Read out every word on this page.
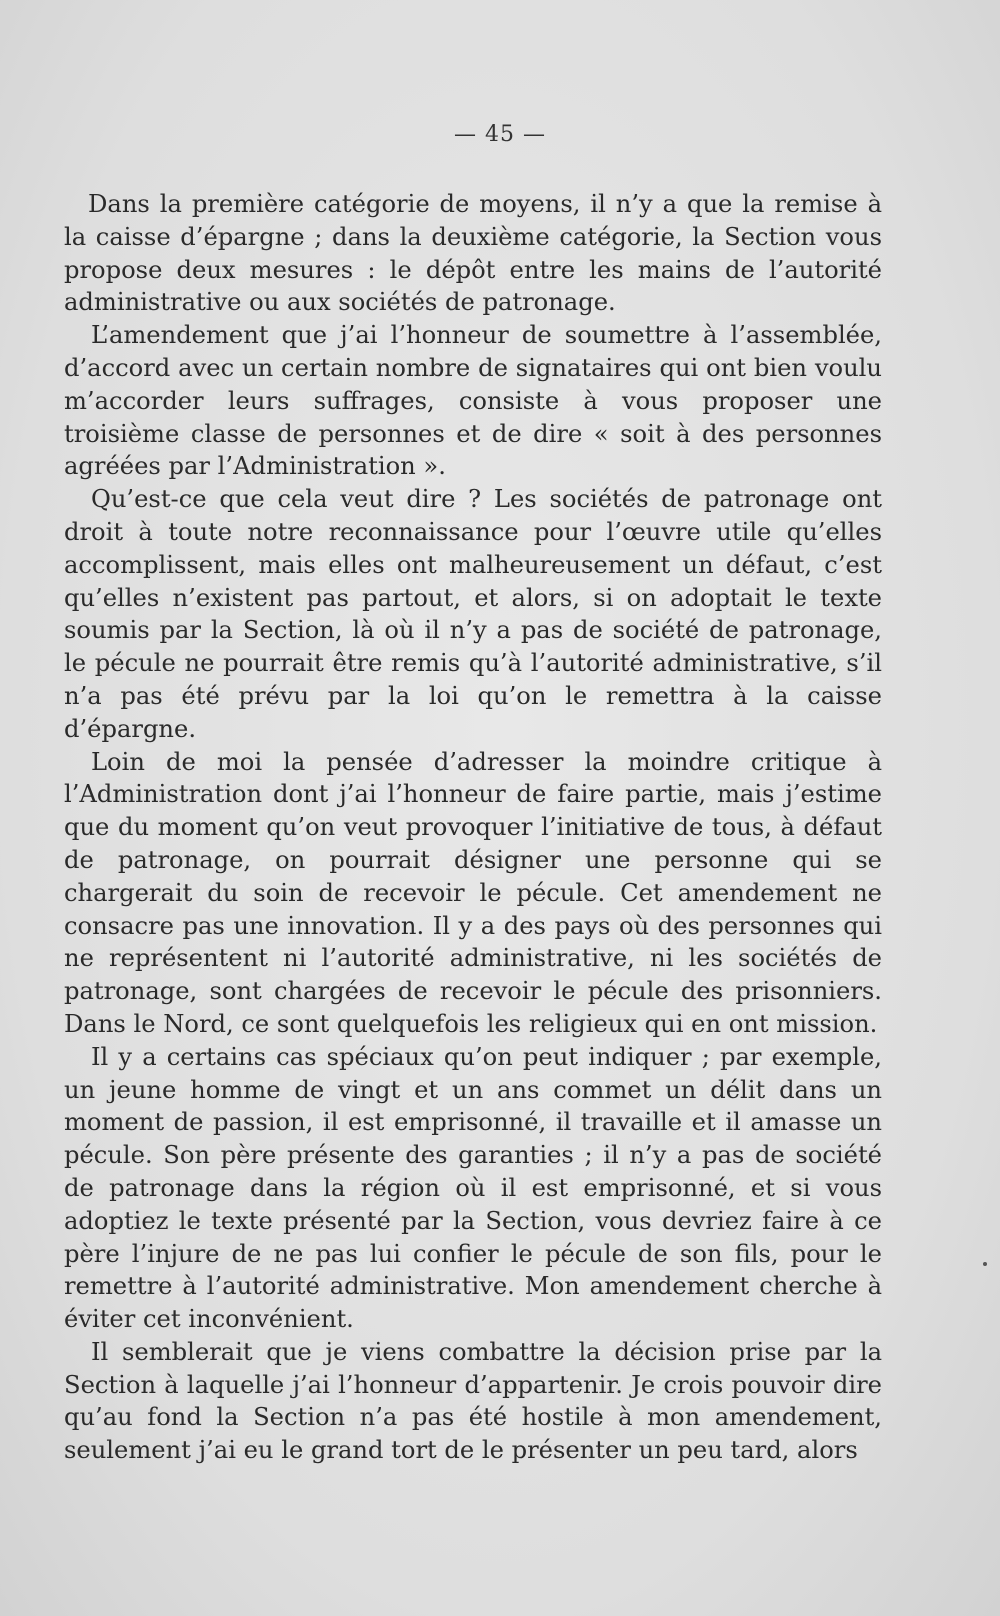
— 45 —

Dans la première catégorie de moyens, il n’y a que la remise à la caisse d’épargne ; dans la deuxième catégorie, la Section vous propose deux mesures : le dépôt entre les mains de l’autorité administrative ou aux sociétés de patronage.

L’amendement que j’ai l’honneur de soumettre à l’assemblée, d’accord avec un certain nombre de signataires qui ont bien voulu m’accorder leurs suffrages, consiste à vous proposer une troisième classe de personnes et de dire « soit à des personnes agréées par l’Administration ».

Qu’est-ce que cela veut dire ? Les sociétés de patronage ont droit à toute notre reconnaissance pour l’œuvre utile qu’elles accomplissent, mais elles ont malheureusement un défaut, c’est qu’elles n’existent pas partout, et alors, si on adoptait le texte soumis par la Section, là où il n’y a pas de société de patronage, le pécule ne pourrait être remis qu’à l’autorité administrative, s’il n’a pas été prévu par la loi qu’on le remettra à la caisse d’épargne.

Loin de moi la pensée d’adresser la moindre critique à l’Administration dont j’ai l’honneur de faire partie, mais j’estime que du moment qu’on veut provoquer l’initiative de tous, à défaut de patronage, on pourrait désigner une personne qui se chargerait du soin de recevoir le pécule. Cet amendement ne consacre pas une innovation. Il y a des pays où des personnes qui ne représentent ni l’autorité administrative, ni les sociétés de patronage, sont chargées de recevoir le pécule des prisonniers. Dans le Nord, ce sont quelquefois les religieux qui en ont mission.

Il y a certains cas spéciaux qu’on peut indiquer ; par exemple, un jeune homme de vingt et un ans commet un délit dans un moment de passion, il est emprisonné, il travaille et il amasse un pécule. Son père présente des garanties ; il n’y a pas de société de patronage dans la région où il est emprisonné, et si vous adoptiez le texte présenté par la Section, vous devriez faire à ce père l’injure de ne pas lui confier le pécule de son fils, pour le remettre à l’autorité administrative. Mon amendement cherche à éviter cet inconvénient.

Il semblerait que je viens combattre la décision prise par la Section à laquelle j’ai l’honneur d’appartenir. Je crois pouvoir dire qu’au fond la Section n’a pas été hostile à mon amendement, seulement j’ai eu le grand tort de le présenter un peu tard, alors
